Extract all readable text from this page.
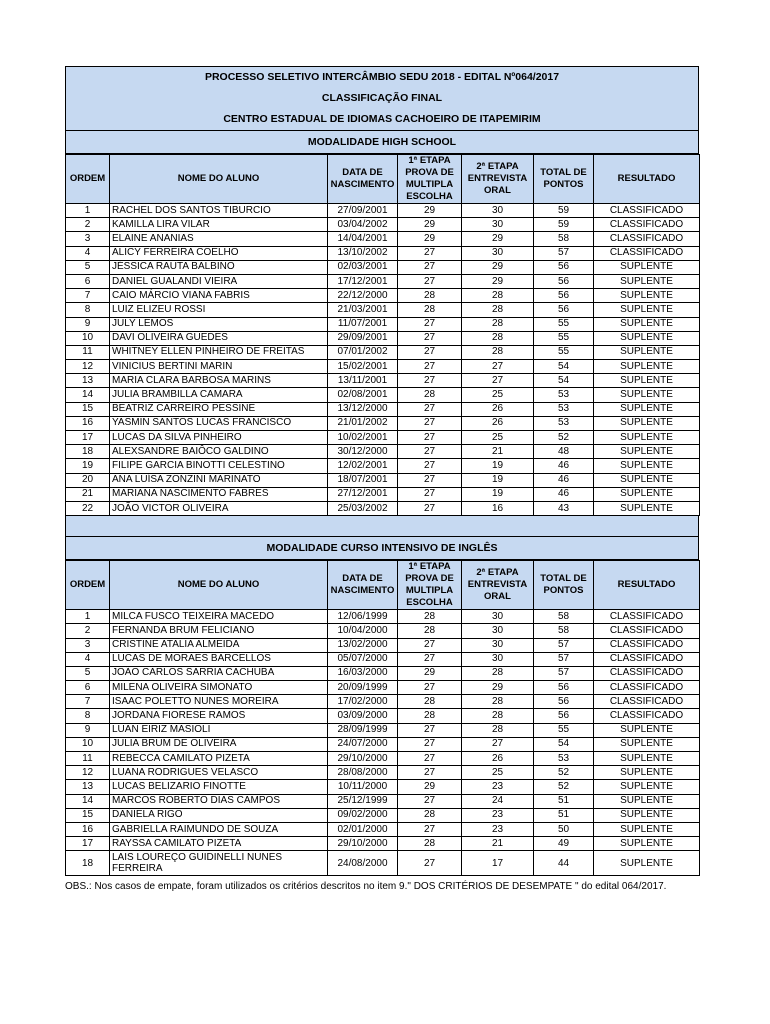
PROCESSO SELETIVO INTERCÂMBIO SEDU 2018 - EDITAL Nº064/2017
CLASSIFICAÇÃO FINAL
CENTRO ESTADUAL DE IDIOMAS CACHOEIRO DE ITAPEMIRIM
MODALIDADE HIGH SCHOOL
ORDEM	NOME DO ALUNO	DATA DE NASCIMENTO	1ª ETAPA PROVA DE MULTIPLA ESCOLHA	2ª ETAPA ENTREVISTA ORAL	TOTAL DE PONTOS	RESULTADO
1	RACHEL DOS SANTOS TIBURCIO	27/09/2001	29	30	59	CLASSIFICADO
2	KAMILLA LIRA VILAR	03/04/2002	29	30	59	CLASSIFICADO
3	ELAINE ANANIAS	14/04/2001	29	29	58	CLASSIFICADO
4	ALICY FERREIRA COELHO	13/10/2002	27	30	57	CLASSIFICADO
5	JÉSSICA RAUTA BALBINO	02/03/2001	27	29	56	SUPLENTE
6	DANIEL GUALANDI VIEIRA	17/12/2001	27	29	56	SUPLENTE
7	CAIO MÁRCIO VIANA FABRIS	22/12/2000	28	28	56	SUPLENTE
8	LUIZ ELIZEU ROSSI	21/03/2001	28	28	56	SUPLENTE
9	JULY LEMOS	11/07/2001	27	28	55	SUPLENTE
10	DAVI OLIVEIRA GUEDES	29/09/2001	27	28	55	SUPLENTE
11	WHITNEY ELLEN PINHEIRO DE FREITAS	07/01/2002	27	28	55	SUPLENTE
12	VINICIUS BERTINI MARIN	15/02/2001	27	27	54	SUPLENTE
13	MARIA CLARA BARBOSA MARINS	13/11/2001	27	27	54	SUPLENTE
14	JULIA BRAMBILLA CAMARA	02/08/2001	28	25	53	SUPLENTE
15	BEATRIZ CARREIRO PESSINE	13/12/2000	27	26	53	SUPLENTE
16	YASMIN SANTOS LUCAS FRANCISCO	21/01/2002	27	26	53	SUPLENTE
17	LUCAS DA SILVA PINHEIRO	10/02/2001	27	25	52	SUPLENTE
18	ALEXSANDRE BAIÔCO GALDINO	30/12/2000	27	21	48	SUPLENTE
19	FILIPE GARCIA BINOTTI CELESTINO	12/02/2001	27	19	46	SUPLENTE
20	ANA LUÍSA ZONZINI MARINATO	18/07/2001	27	19	46	SUPLENTE
21	MARIANA NASCIMENTO FABRES	27/12/2001	27	19	46	SUPLENTE
22	JOÃO VICTOR OLIVEIRA	25/03/2002	27	16	43	SUPLENTE
MODALIDADE CURSO INTENSIVO DE INGLÊS
ORDEM	NOME DO ALUNO	DATA DE NASCIMENTO	1ª ETAPA PROVA DE MULTIPLA ESCOLHA	2ª ETAPA ENTREVISTA ORAL	TOTAL DE PONTOS	RESULTADO
1	MILCA FUSCO TEIXEIRA MACEDO	12/06/1999	28	30	58	CLASSIFICADO
2	FERNANDA BRUM FELICIANO	10/04/2000	28	30	58	CLASSIFICADO
3	CRISTINE ATALIA ALMEIDA	13/02/2000	27	30	57	CLASSIFICADO
4	LUCAS DE MORAES BARCELLOS	05/07/2000	27	30	57	CLASSIFICADO
5	JOÃO CARLOS SARRIA CACHUBA	16/03/2000	29	28	57	CLASSIFICADO
6	MILENA OLIVEIRA SIMONATO	20/09/1999	27	29	56	CLASSIFICADO
7	ISAAC POLETTO NUNES MOREIRA	17/02/2000	28	28	56	CLASSIFICADO
8	JORDANA FIORESE RAMOS	03/09/2000	28	28	56	CLASSIFICADO
9	LUAN EIRIZ MASIOLI	28/09/1999	27	28	55	SUPLENTE
10	JULIA BRUM DE OLIVEIRA	24/07/2000	27	27	54	SUPLENTE
11	REBECCA CAMILATO PIZETA	29/10/2000	27	26	53	SUPLENTE
12	LUANA RODRIGUES VELASCO	28/08/2000	27	25	52	SUPLENTE
13	LUCAS BELIZARIO FINOTTE	10/11/2000	29	23	52	SUPLENTE
14	MARCOS ROBERTO DIAS CAMPOS	25/12/1999	27	24	51	SUPLENTE
15	DANIELA RIGO	09/02/2000	28	23	51	SUPLENTE
16	GABRIELLA RAIMUNDO DE SOUZA	02/01/2000	27	23	50	SUPLENTE
17	RAYSSA CAMILATO PIZETA	29/10/2000	28	21	49	SUPLENTE
18	LAIS LOUREÇO GUIDINELLI NUNES FERREIRA	24/08/2000	27	17	44	SUPLENTE
OBS.: Nos casos de empate, foram utilizados os critérios descritos no item 9." DOS CRITÉRIOS DE DESEMPATE " do edital 064/2017.
